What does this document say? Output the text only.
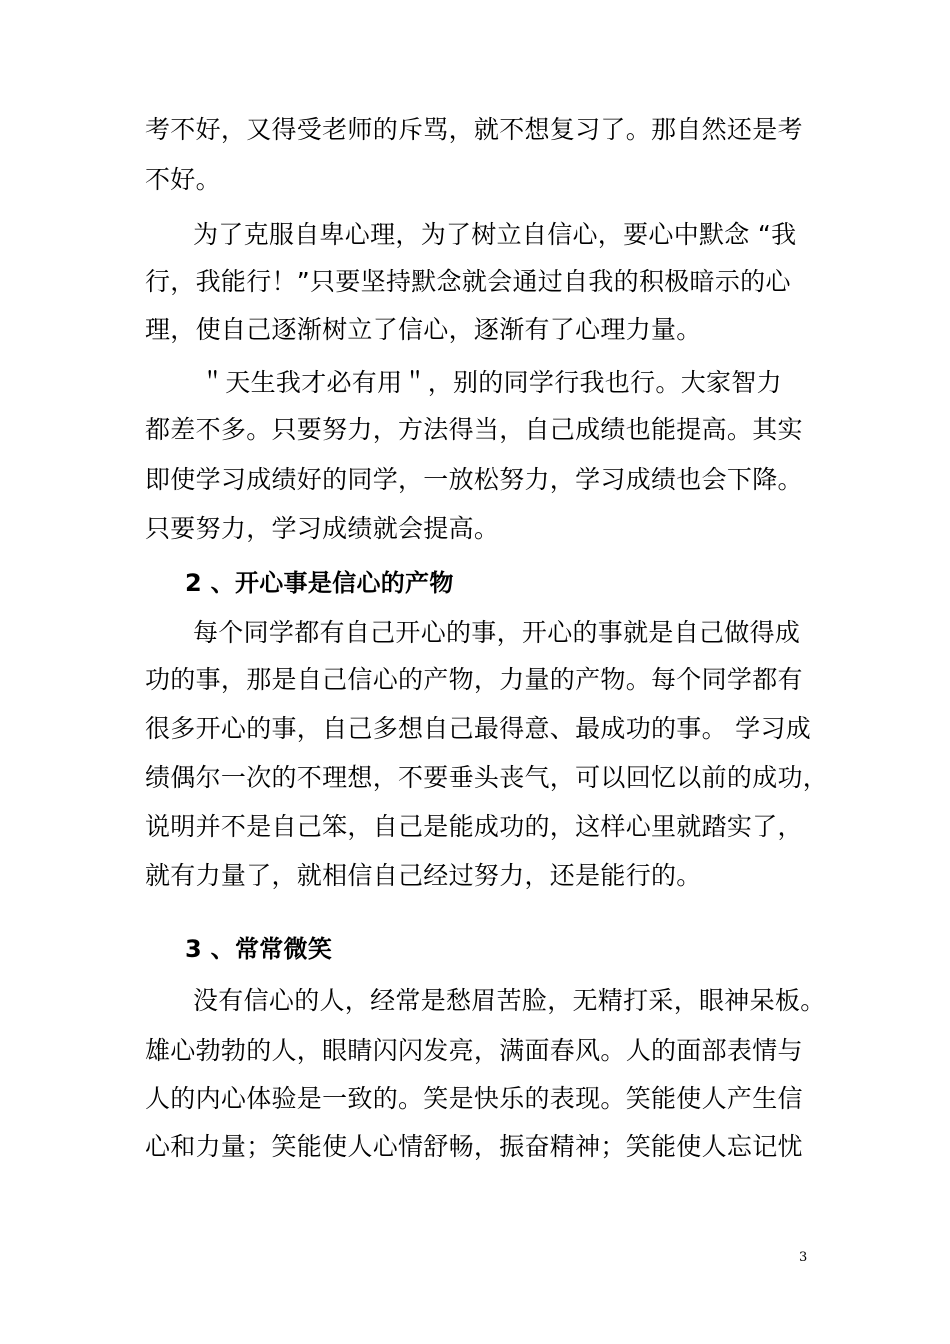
考不好，又得受老师的斥骂，就不想复习了。那自然还是考
不好。
为了克服自卑心理，为了树立自信心，要心中默念 “我
行，我能行！”只要坚持默念就会通过自我的积极暗示的心
理，使自己逐渐树立了信心，逐渐有了心理力量。
＂天生我才必有用＂，别的同学行我也行。大家智力
都差不多。只要努力，方法得当，自己成绩也能提高。其实
即使学习成绩好的同学，一放松努力，学习成绩也会下降。
只要努力，学习成绩就会提高。
2 、开心事是信心的产物
每个同学都有自己开心的事，开心的事就是自己做得成
功的事，那是自己信心的产物，力量的产物。每个同学都有
很多开心的事，自己多想自己最得意、最成功的事。 学习成
绩偶尔一次的不理想，不要垂头丧气，可以回忆以前的成功，
说明并不是自己笨，自己是能成功的，这样心里就踏实了，
就有力量了，就相信自己经过努力，还是能行的。
3 、常常微笑
没有信心的人，经常是愁眉苦脸，无精打采，眼神呆板。
雄心勃勃的人，眼睛闪闪发亮，满面春风。人的面部表情与
人的内心体验是一致的。笑是快乐的表现。笑能使人产生信
心和力量；笑能使人心情舒畅，振奋精神；笑能使人忘记忧
3
